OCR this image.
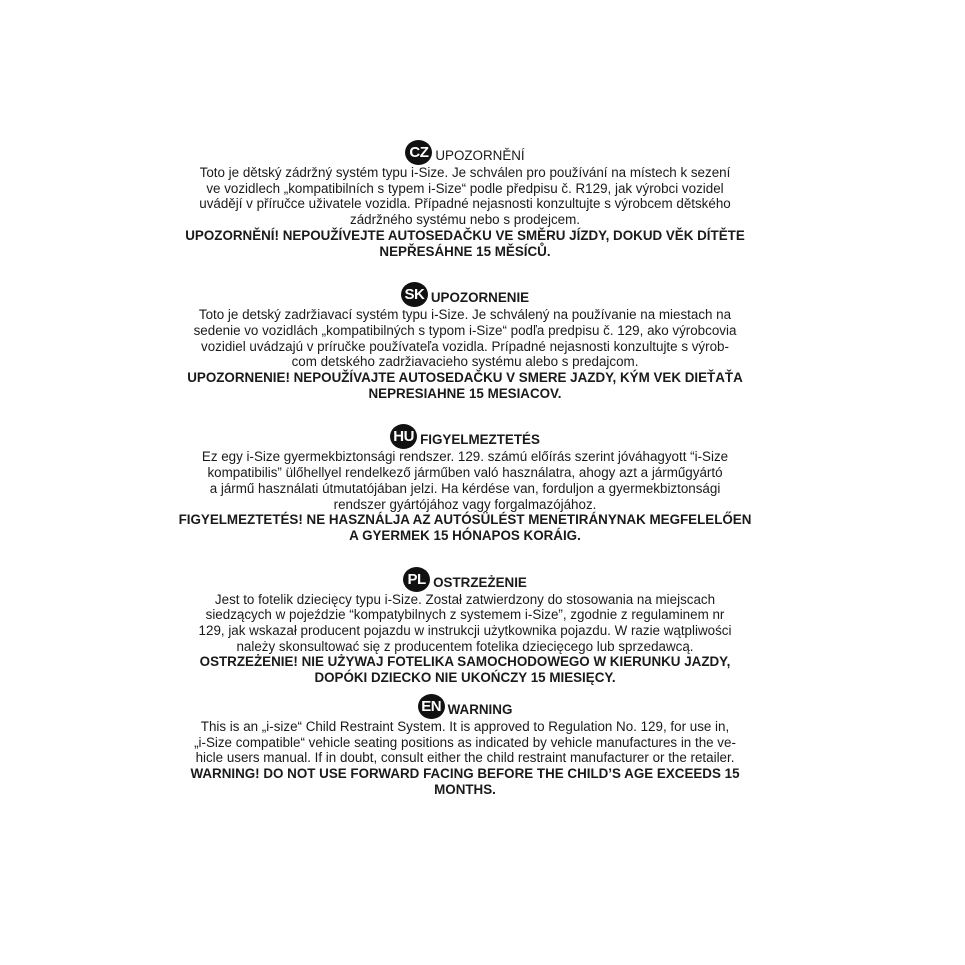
CZ UPOZORNĚNÍ

Toto je dětský zádržný systém typu i-Size. Je schválen pro používání na místech k sezení
ve vozidlech „kompatibilních s typem i-Size“ podle předpisu č. R129, jak výrobci vozidel
uvádějí v příručce uživatele vozidla. Případné nejasnosti konzultujte s výrobcem dětského
zádržného systému nebo s prodejcem.

UPOZORNĚNÍ! NEPOUŽÍVEJTE AUTOSEDAČKU VE SMĚRU JÍZDY, DOKUD VĚK DÍTĚTE
NEPŘESÁHNE 15 MĚSÍCŮ.

SK UPOZORNENIE

Toto je detský zadržiavací systém typu i-Size. Je schválený na používanie na miestach na
sedenie vo vozidlách „kompatibilných s typom i-Size“ podľa predpisu č. 129, ako výrobcovia
vozidiel uvádzajú v príručke používateľa vozidla. Prípadné nejasnosti konzultujte s výrob-
com detského zadržiavacieho systému alebo s predajcom.

UPOZORNENIE! NEPOUŽÍVAJTE AUTOSEDAČKU V SMERE JAZDY, KÝM VEK DIEŤAŤA
NEPRESIAHNE 15 MESIACOV.

HU FIGYELMEZTETÉS

Ez egy i-Size gyermekbiztonsági rendszer. 129. számú előírás szerint jóváhagyott “i-Size
kompatibilis” ülőhellyel rendelkező járműben való használatra, ahogy azt a járműgyártó
a jármű használati útmutatójában jelzi. Ha kérdése van, forduljon a gyermekbiztonsági
rendszer gyártójához vagy forgalmazójához.

FIGYELMEZTETÉS! NE HASZNÁLJA AZ AUTÓSÜLÉST MENETIRÁNYNAK MEGFELELŐEN
A GYERMEK 15 HÓNAPOS KORÁIG.

PL OSTRZEŻENIE

Jest to fotelik dziecięcy typu i-Size. Został zatwierdzony do stosowania na miejscach
siedzących w pojeździe “kompatybilnych z systemem i-Size”, zgodnie z regulaminem nr
129, jak wskazał producent pojazdu w instrukcji użytkownika pojazdu. W razie wątpliwości
należy skonsultować się z producentem fotelika dziecięcego lub sprzedawcą.

OSTRZEŻENIE! NIE UŻYWAJ FOTELIKA SAMOCHODOWEGO W KIERUNKU JAZDY,
DOPÓKI DZIECKO NIE UKOŃCZY 15 MIESIĘCY.

EN WARNING

This is an „i-size“ Child Restraint System. It is approved to Regulation No. 129, for use in,
„i-Size compatible“ vehicle seating positions as indicated by vehicle manufactures in the ve-
hicle users manual. If in doubt, consult either the child restraint manufacturer or the retailer.

WARNING! DO NOT USE FORWARD FACING BEFORE THE CHILD’S AGE EXCEEDS 15
MONTHS.
